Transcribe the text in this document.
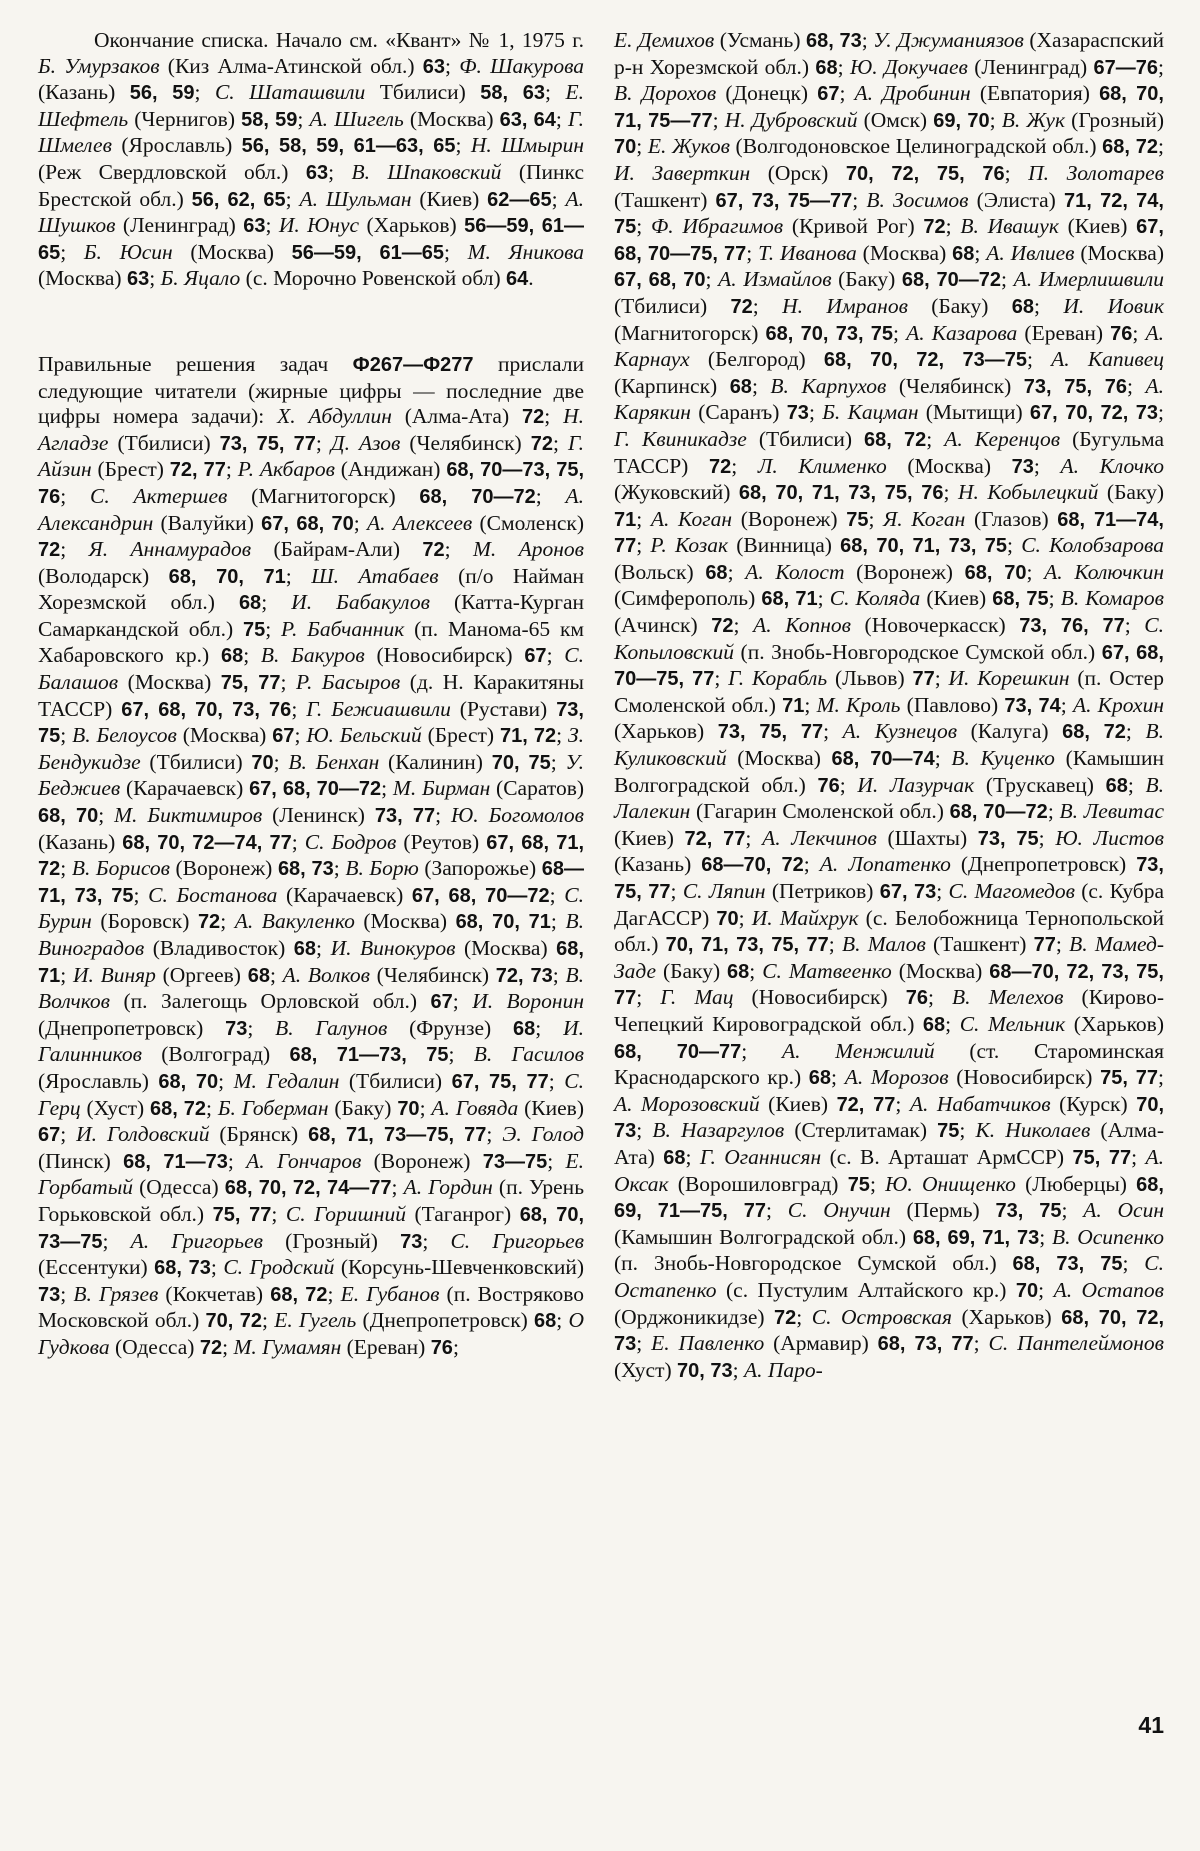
Окончание списка. Начало см. «Квант» № 1, 1975 г. Б. Умурзаков (Киз Алма-Атинской обл.) 63; Ф. Шакурова (Казань) 56, 59; С. Шаташвили Тбилиси) 58, 63; Е. Шефтель (Чернигов) 58, 59; А. Шигель (Москва) 63, 64; Г. Шмелев (Ярославль) 56, 58, 59, 61—63, 65; Н. Шмырин (Реж Свердловской обл.) 63; В. Шпаковский (Пинкс Брестской обл.) 56, 62, 65; А. Шульман (Киев) 62—65; А. Шушков (Ленинград) 63; И. Юнус (Харьков) 56—59, 61—65; Б. Юсин (Москва) 56—59, 61—65; М. Яникова (Москва) 63; Б. Яцало (с. Морочно Ровенской обл) 64.

Правильные решения задач Ф267—Ф277 прислали следующие читатели (жирные цифры — последние две цифры номера задачи): Х. Абдуллин (Алма-Ата) 72; Н. Агладзе (Тбилиси) 73, 75, 77; Д. Азов (Челябинск) 72; Г. Айзин (Брест) 72, 77; Р. Акбаров (Андижан) 68, 70—73, 75, 76; С. Актершев (Магнитогорск) 68, 70—72; А. Александрин (Валуйки) 67, 68, 70; А. Алексеев (Смоленск) 72; Я. Аннамурадов (Байрам-Али) 72; М. Аронов (Володарск) 68, 70, 71; Ш. Атабаев (п/о Найман Хорезмской обл.) 68; И. Бабакулов (Катта-Курган Самаркандской обл.) 75; Р. Бабчанник (п. Манома-65 км Хабаровского кр.) 68; В. Бакуров (Новосибирск) 67; С. Балашов (Москва) 75, 77; Р. Басыров (д. Н. Каракитяны ТАССР) 67, 68, 70, 73, 76; Г. Бежиашвили (Рустави) 73, 75; В. Белоусов (Москва) 67; Ю. Бельский (Брест) 71, 72; З. Бендукидзе (Тбилиси) 70; В. Бенхан (Калинин) 70, 75; У. Беджиев (Карачаевск) 67, 68, 70—72; М. Бирман (Саратов) 68, 70; М. Биктимиров (Ленинск) 73, 77; Ю. Богомолов (Казань) 68, 70, 72—74, 77; С. Бодров (Реутов) 67, 68, 71, 72; В. Борисов (Воронеж) 68, 73; В. Борю (Запорожье) 68—71, 73, 75; С. Бостанова (Карачаевск) 67, 68, 70—72; С. Бурин (Боровск) 72; А. Вакуленко (Москва) 68, 70, 71; В. Виноградов (Владивосток) 68; И. Винокуров (Москва) 68, 71; И. Виняр (Оргеев) 68; А. Волков (Челябинск) 72, 73; В. Волчков (п. Залегощь Орловской обл.) 67; И. Воронин (Днепропетровск) 73; В. Галунов (Фрунзе) 68; И. Галинников (Волгоград) 68, 71—73, 75; В. Гасилов (Ярославль) 68, 70; М. Гедалин (Тбилиси) 67, 75, 77; С. Герц (Хуст) 68, 72; Б. Гоберман (Баку) 70; А. Говяда (Киев) 67; И. Голдовский (Брянск) 68, 71, 73—75, 77; Э. Голод (Пинск) 68, 71—73; А. Гончаров (Воронеж) 73—75; Е. Горбатый (Одесса) 68, 70, 72, 74—77; А. Гордин (п. Урень Горьковской обл.) 75, 77; С. Горишний (Таганрог) 68, 70, 73—75; А. Григорьев (Грозный) 73; С. Григорьев (Ессентуки) 68, 73; С. Гродский (Корсунь-Шевченковский) 73; В. Грязев (Кокчетав) 68, 72; Е. Губанов (п. Востряково Московской обл.) 70, 72; Е. Гугель (Днепропетровск) 68; О Гудкова (Одесса) 72; М. Гумамян (Ереван) 76;

Е. Демихов (Усмань) 68, 73; У. Джуманиязов (Хазараспский р-н Хорезмской обл.) 68; Ю. Докучаев (Ленинград) 67—76; В. Дорохов (Донецк) 67; А. Дробинин (Евпатория) 68, 70, 71, 75—77; Н. Дубровский (Омск) 69, 70; В. Жук (Грозный) 70; Е. Жуков (Волгодоновское Целиноградской обл.) 68, 72; И. Заверткин (Орск) 70, 72, 75, 76; П. Золотарев (Ташкент) 67, 73, 75—77; В. Зосимов (Элиста) 71, 72, 74, 75; Ф. Ибрагимов (Кривой Рог) 72; В. Ивашук (Киев) 67, 68, 70—75, 77; Т. Иванова (Москва) 68; А. Ивлиев (Москва) 67, 68, 70; А. Измайлов (Баку) 68, 70—72; А. Имерлишвили (Тбилиси) 72; Н. Имранов (Баку) 68; И. Иовик (Магнитогорск) 68, 70, 73, 75; А. Казарова (Ереван) 76; А. Карнаух (Белгород) 68, 70, 72, 73—75; А. Капивец (Карпинск) 68; В. Карпухов (Челябинск) 73, 75, 76; А. Карякин (Саранъ) 73; Б. Кацман (Мытищи) 67, 70, 72, 73; Г. Квиникадзе (Тбилиси) 68, 72; А. Керенцов (Бугульма ТАССР) 72; Л. Клименко (Москва) 73; А. Клочко (Жуковский) 68, 70, 71, 73, 75, 76; Н. Кобылецкий (Баку) 71; А. Коган (Воронеж) 75; Я. Коган (Глазов) 68, 71—74, 77; Р. Козак (Винница) 68, 70, 71, 73, 75; С. Колобзарова (Вольск) 68; А. Колост (Воронеж) 68, 70; А. Колючкин (Симферополь) 68, 71; С. Коляда (Киев) 68, 75; В. Комаров (Ачинск) 72; А. Копнов (Новочеркасск) 73, 76, 77; С. Копыловский (п. Знобь-Новгородское Сумской обл.) 67, 68, 70—75, 77; Г. Корабль (Львов) 77; И. Корешкин (п. Остер Смоленской обл.) 71; М. Кроль (Павлово) 73, 74; А. Крохин (Харьков) 73, 75, 77; А. Кузнецов (Калуга) 68, 72; В. Куликовский (Москва) 68, 70—74; В. Куценко (Камышин Волгоградской обл.) 76; И. Лазурчак (Трускавец) 68; В. Лалекин (Гагарин Смоленской обл.) 68, 70—72; В. Левитас (Киев) 72, 77; А. Лекчинов (Шахты) 73, 75; Ю. Листов (Казань) 68—70, 72; А. Лопатенко (Днепропетровск) 73, 75, 77; С. Ляпин (Петриков) 67, 73; С. Магомедов (с. Кубра ДагАССР) 70; И. Майхрук (с. Белобожница Тернопольской обл.) 70, 71, 73, 75, 77; В. Малов (Ташкент) 77; В. Мамед-Заде (Баку) 68; С. Матвеенко (Москва) 68—70, 72, 73, 75, 77; Г. Мац (Новосибирск) 76; В. Мелехов (Кирово-Чепецкий Кировоградской обл.) 68; С. Мельник (Харьков) 68, 70—77; А. Менжилий (ст. Староминская Краснодарского кр.) 68; А. Морозов (Новосибирск) 75, 77; А. Морозовский (Киев) 72, 77; А. Набатчиков (Курск) 70, 73; В. Назаргулов (Стерлитамак) 75; К. Николаев (Алма-Ата) 68; Г. Оганнисян (с. В. Арташат АрмССР) 75, 77; А. Оксак (Ворошиловград) 75; Ю. Онищенко (Люберцы) 68, 69, 71—75, 77; С. Онучин (Пермь) 73, 75; А. Осин (Камышин Волгоградской обл.) 68, 69, 71, 73; В. Осипенко (п. Знобь-Новгородское Сумской обл.) 68, 73, 75; С. Остапенко (с. Пустулим Алтайского кр.) 70; А. Остапов (Орджоникидзе) 72; С. Островская (Харьков) 68, 70, 72, 73; Е. Павленко (Армавир) 68, 73, 77; С. Пантелеймонов (Хуст) 70, 73; А. Паро-

41
